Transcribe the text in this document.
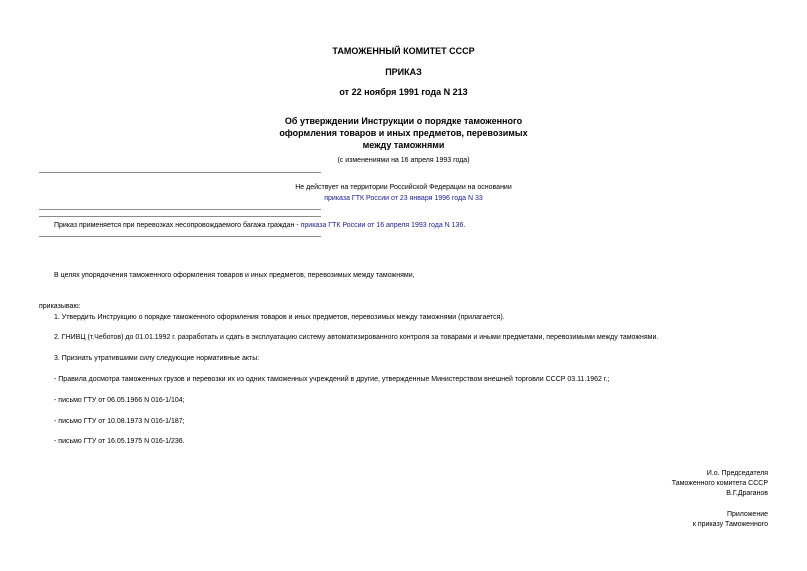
ТАМОЖЕННЫЙ КОМИТЕТ СССР
ПРИКАЗ
от 22 ноября 1991 года N 213
Об утверждении Инструкции о порядке таможенного
оформления товаров и иных предметов, перевозимых
между таможнями
(с изменениями на 16 апреля 1993 года)
Не действует на территории Российской Федерации на основании
приказа ГТК России от 23 января 1996 года N 33
Приказ применяется при перевозках несопровождаемого багажа граждан - приказа ГТК России от 16 апреля 1993 года N 136.
В целях упорядочения таможенного оформления товаров и иных предметов, перевозимых между таможнями,
приказываю:
1. Утвердить Инструкцию о порядке таможенного оформления товаров и иных предметов, перевозимых между таможнями (прилагается).
2. ГНИВЦ (т.Чеботов) до 01.01.1992 г. разработать и сдать в эксплуатацию систему автоматизированного контроля за товарами и иными предметами, перевозимыми между таможнями.
3. Признать утратившими силу следующие нормативные акты:
- Правила досмотра таможенных грузов и перевозки их из одних таможенных учреждений в другие, утвержденные Министерством внешней торговли СССР 03.11.1962 г.;
- письмо ГТУ от 06.05.1966 N 016-1/104;
- письмо ГТУ от 10.08.1973 N 016-1/187;
- письмо ГТУ от 16.05.1975 N 016-1/236.
И.о. Председателя
Таможенного комитета СССР
В.Г.Драганов
Приложение
к приказу Таможенного
